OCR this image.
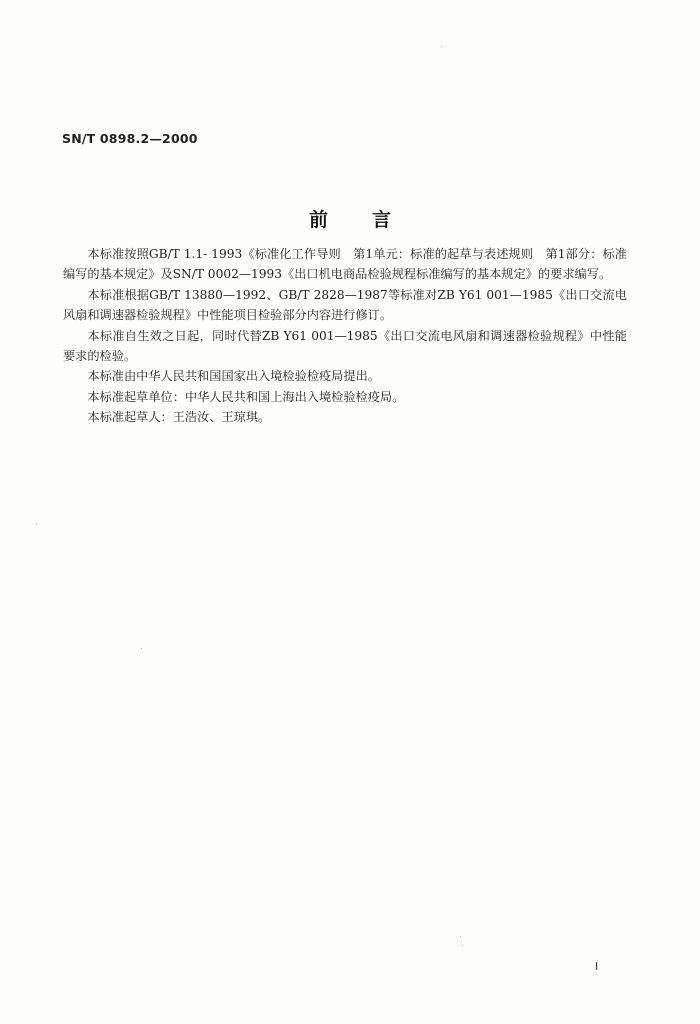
SN/T 0898.2—2000
前言

本标准按照GB/T 1.1- 1993《标准化工作导则　第1单元：标准的起草与表述规则　第1部分：标准编写的基本规定》及SN/T 0002—1993《出口机电商品检验规程标准编写的基本规定》的要求编写。

本标准根据GB/T 13880—1992、GB/T 2828—1987等标准对ZB Y61 001—1985《出口交流电风扇和调速器检验规程》中性能项目检验部分内容进行修订。

本标准自生效之日起，同时代替ZB Y61 001—1985《出口交流电风扇和调速器检验规程》中性能要求的检验。

本标准由中华人民共和国国家出入境检验检疫局提出。

本标准起草单位：中华人民共和国上海出入境检验检疫局。

本标准起草人：王浩汝、王琼琪。

I
